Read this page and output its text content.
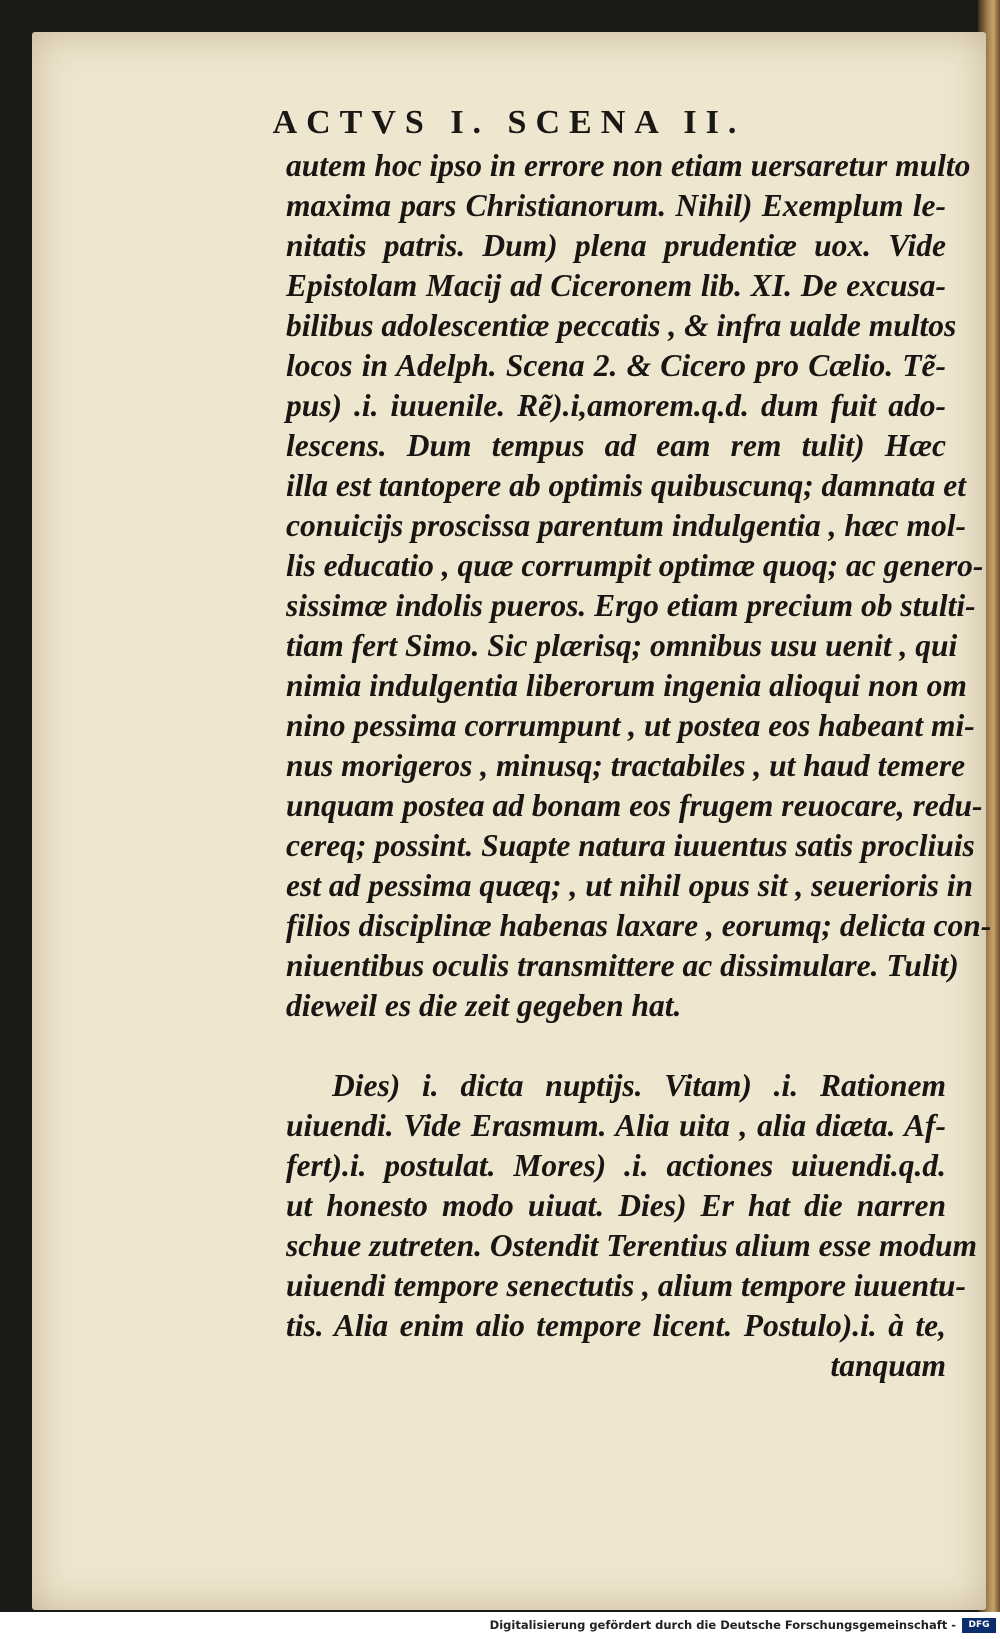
ACTVS I. SCENA II.
autem hoc ipso in errore non etiam uersaretur multo
maxima pars Christianorum. Nihil) Exemplum le-
nitatis patris. Dum) plena prudentiæ uox. Vide
Epistolam Macij ad Ciceronem lib. XI. De excusa-
bilibus adolescentiæ peccatis , & infra ualde multos
locos in Adelph. Scena 2. & Cicero pro Cælio. Tẽ-
pus) .i. iuuenile. Rẽ).i,amorem.q.d. dum fuit ado-
lescens. Dum tempus ad eam rem tulit) Hæc
illa est tantopere ab optimis quibuscunq; damnata et
conuicijs proscissa parentum indulgentia , hæc mol-
lis educatio , quæ corrumpit optimæ quoq; ac genero-
sissimæ indolis pueros. Ergo etiam precium ob stulti-
tiam fert Simo. Sic plærisq; omnibus usu uenit , qui
nimia indulgentia liberorum ingenia alioqui non om
nino pessima corrumpunt , ut postea eos habeant mi-
nus morigeros , minusq; tractabiles , ut haud temere
unquam postea ad bonam eos frugem reuocare, redu-
cereq; possint. Suapte natura iuuentus satis procliuis
est ad pessima quæq; , ut nihil opus sit , seuerioris in
filios disciplinæ habenas laxare , eorumq; delicta con-
niuentibus oculis transmittere ac dissimulare. Tulit)
dieweil es die zeit gegeben hat.
Dies) i. dicta nuptijs. Vitam) .i. Rationem
uiuendi. Vide Erasmum. Alia uita , alia diæta. Af-
fert).i. postulat. Mores) .i. actiones uiuendi.q.d.
ut honesto modo uiuat. Dies) Er hat die narren
schue zutreten. Ostendit Terentius alium esse modum
uiuendi tempore senectutis , alium tempore iuuentu-
tis. Alia enim alio tempore licent. Postulo).i. à te,
tanquam
Digitalisierung gefördert durch die Deutsche Forschungsgemeinschaft -	DFG
